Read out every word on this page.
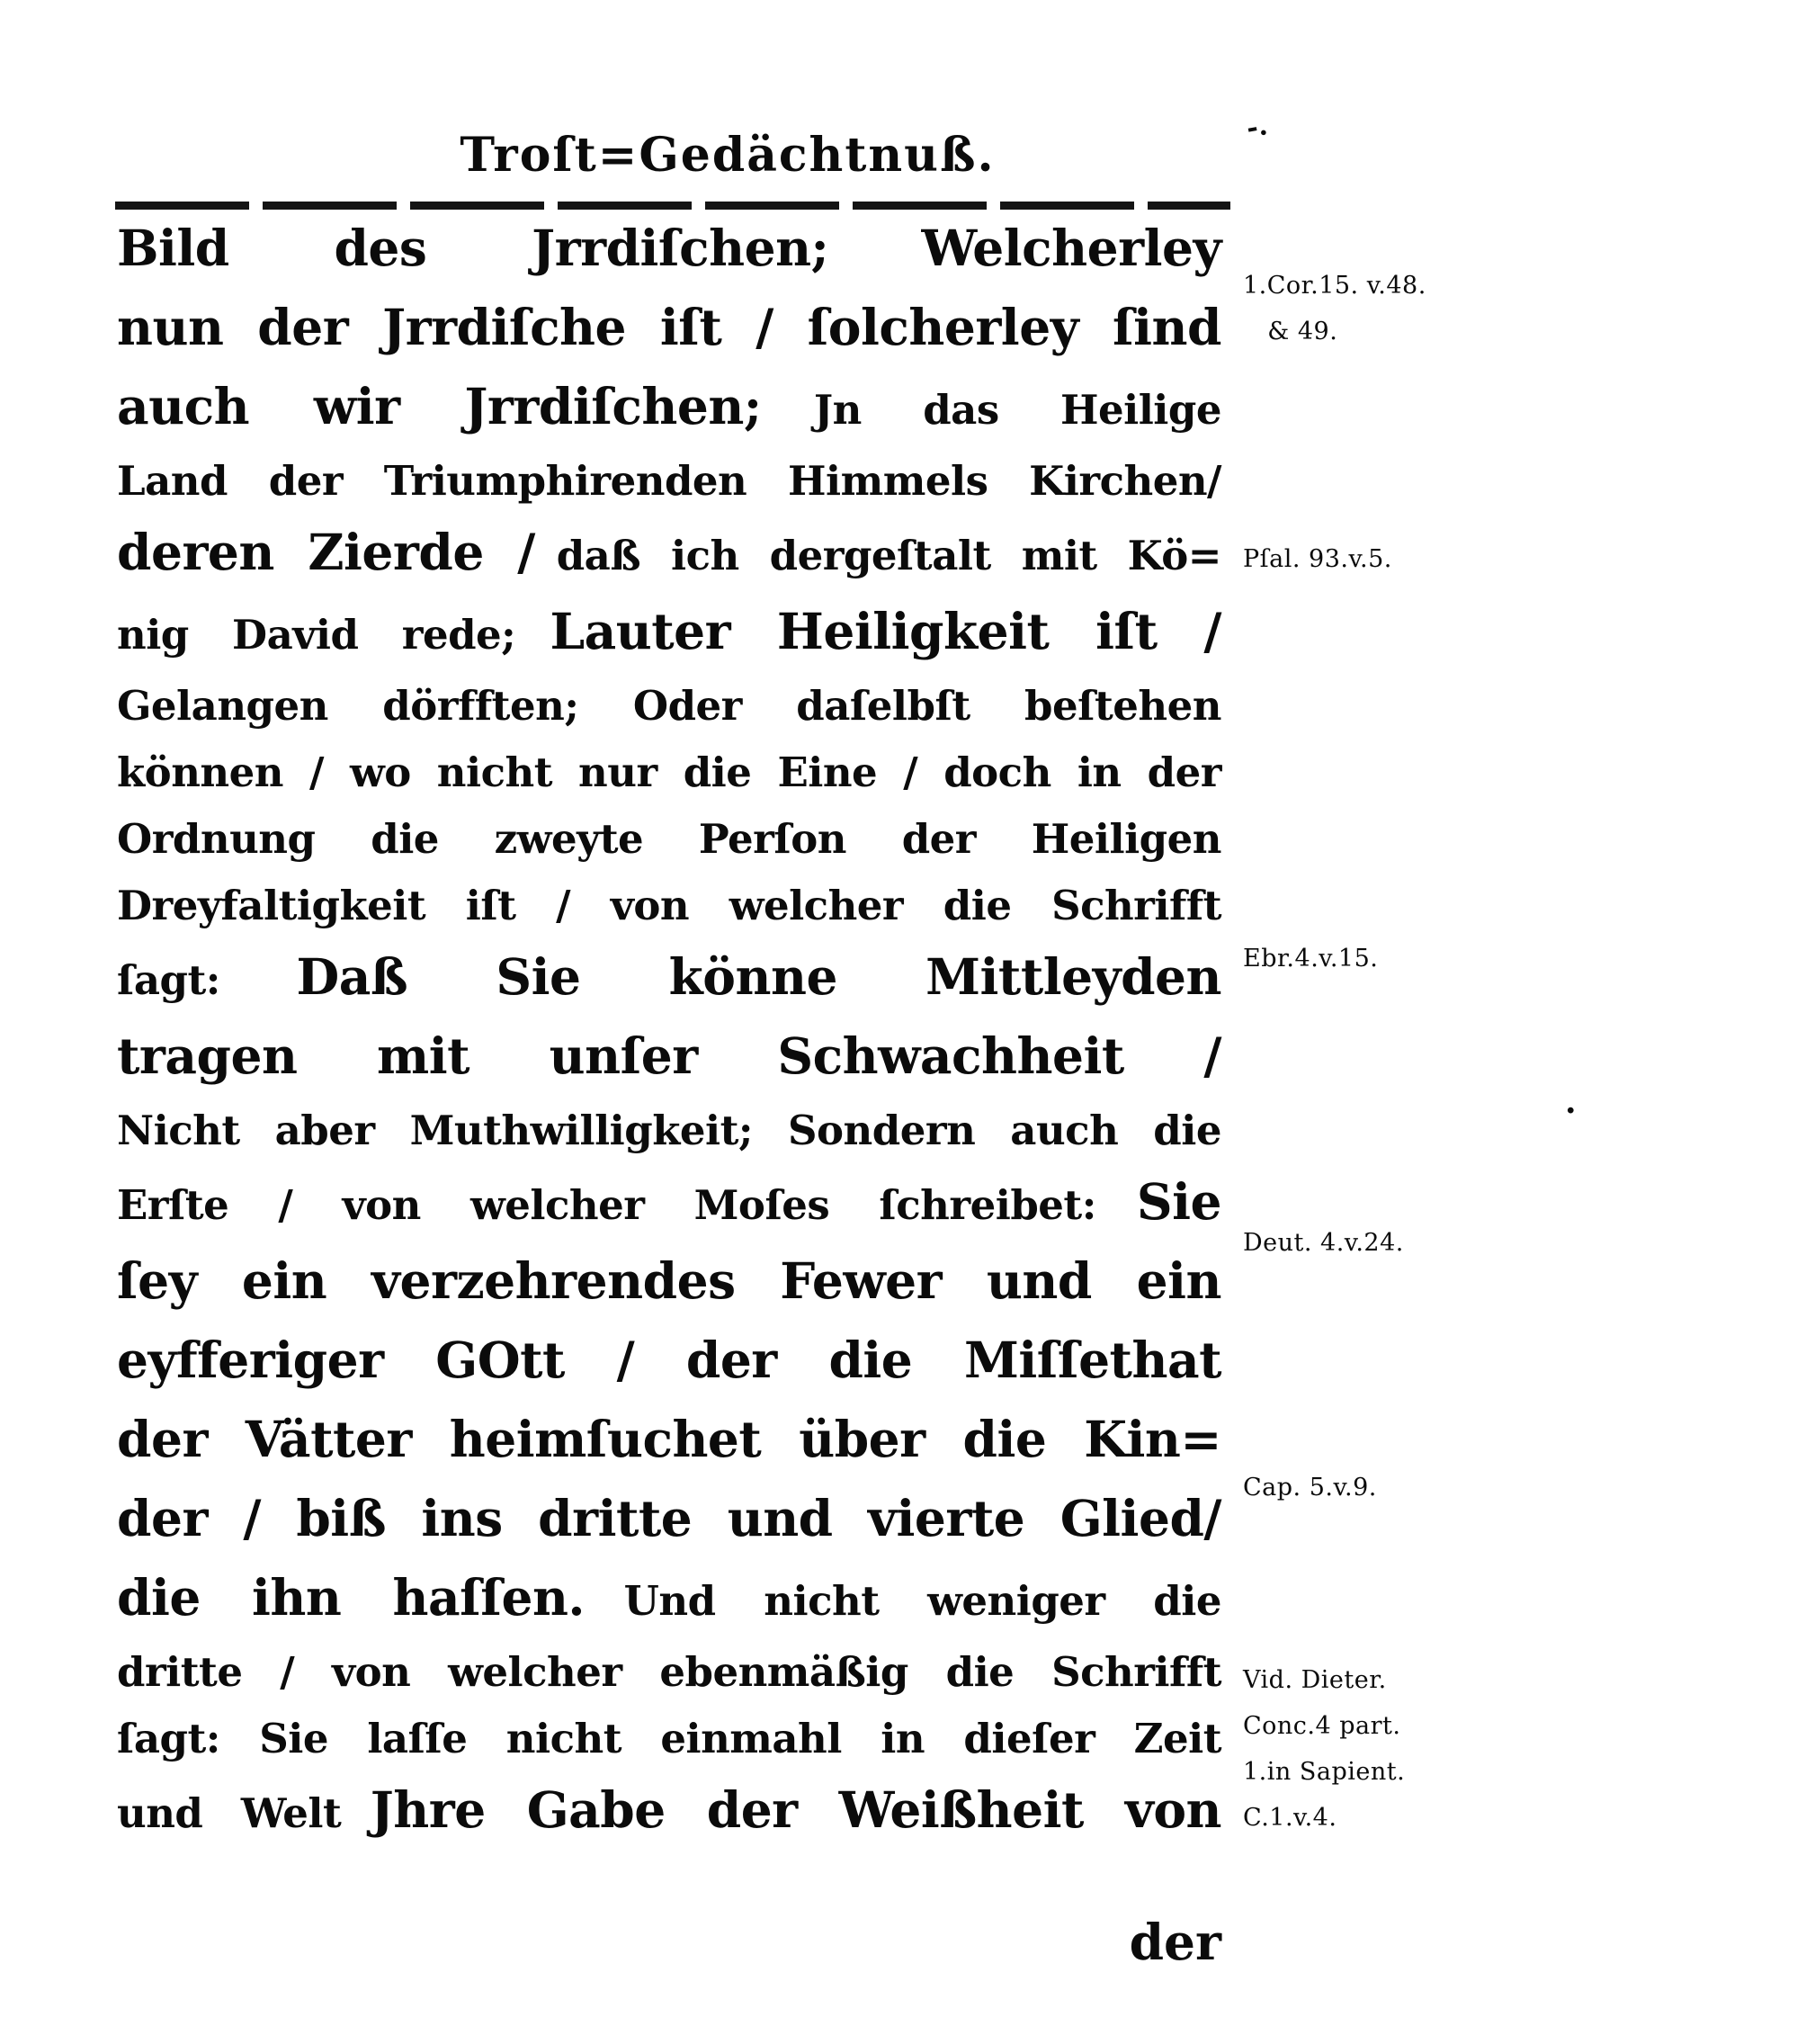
Troſt=Gedächtnuß.
-.
Bild des Jrrdiſchen; Welcherley
nun der Jrrdiſche iſt / ſolcherley ſind
auch wir Jrrdiſchen; Jn das Heilige
Land der Triumphirenden Himmels Kirchen/
deren Zierde / daß ich dergeſtalt mit Kö=
nig David rede; Lauter Heiligkeit iſt /
Gelangen dörfften; Oder daſelbſt beſtehen
können / wo nicht nur die Eine / doch in der
Ordnung die zweyte Perſon der Heiligen
Dreyfaltigkeit iſt / von welcher die Schrifft
ſagt: Daß Sie könne Mittleyden
tragen mit unſer Schwachheit /
Nicht aber Muthwilligkeit; Sondern auch die
Erſte / von welcher Moſes ſchreibet: Sie
ſey ein verzehrendes Fewer und ein
eyfferiger GOtt / der die Miſſethat
der Vätter heimſuchet über die Kin=
der / biß ins dritte und vierte Glied/
die ihn haſſen. Und nicht weniger die
dritte / von welcher ebenmäßig die Schrifft
ſagt: Sie laſſe nicht einmahl in dieſer Zeit
und Welt Jhre Gabe der Weißheit von
der
1.Cor.15. v.48.
& 49.
Pſal. 93.v.5.
Ebr.4.v.15.
Deut. 4.v.24.
Cap. 5.v.9.
Vid. Dieter.
Conc.4 part.
1.in Sapient.
C.1.v.4.
.
